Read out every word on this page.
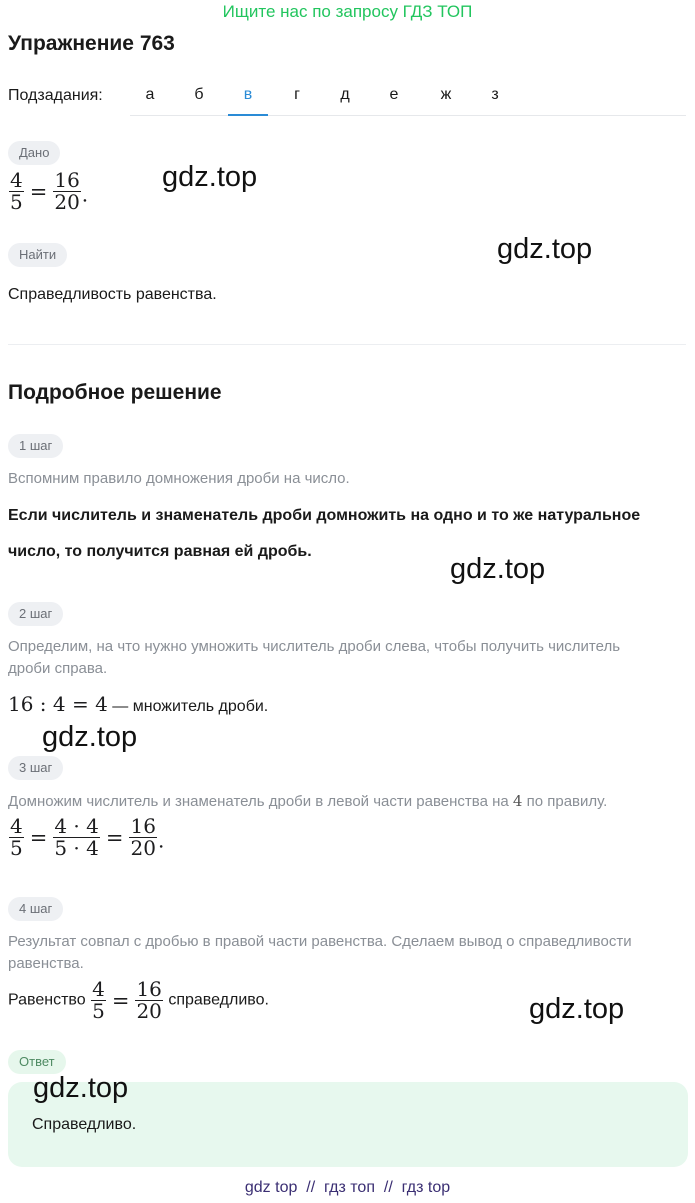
Ищите нас по запросу ГДЗ ТОП
Упражнение 763
Подзадания:	а	б	в	г	д	е	ж	з
Дано
$\frac{4}{5} = \frac{16}{20}$ .
gdz.top
Найти	gdz.top
Справедливость равенства.
Подробное решение
1 шаг
Вспомним правило домножения дроби на число.
Если числитель и знаменатель дроби домножить на одно и то же натуральное
число, то получится равная ей дробь.
gdz.top
2 шаг
Определим, на что нужно умножить числитель дроби слева, чтобы получить числитель
дроби справа.
16 : 4 = 4 — множитель дроби.
gdz.top
3 шаг
Домножим числитель и знаменатель дроби в левой части равенства на 4 по правилу.
$\frac{4}{5} = \frac{4 \cdot 4}{5 \cdot 4} = \frac{16}{20}$ .
4 шаг
Результат совпал с дробью в правой части равенства. Сделаем вывод о справедливости
равенства.
Равенство $\frac{4}{5} = \frac{16}{20}$ справедливо.	gdz.top
Ответ
gdz.top
Справедливо.
gdz top  //  гдз топ  //  гдз top
